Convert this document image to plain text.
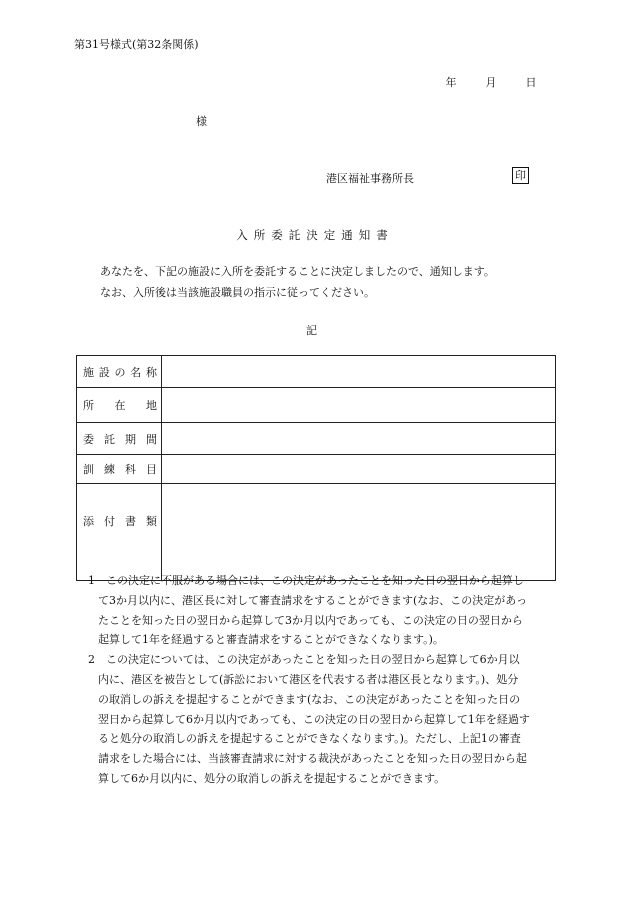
第31号様式(第32条関係)
年	月	日
様
港区福祉事務所長	印
入所委託決定通知書
あなたを、下記の施設に入所を委託することに決定しましたので、通知します。
なお、入所後は当該施設職員の指示に従ってください。
記
施設の名称	
所在地	
委託期間	
訓練科目	
添付書類	
1　 この決定に不服がある場合には、この決定があったことを知った日の翌日から起算し
て3か月以内に、港区長に対して審査請求をすることができます(なお、この決定があっ
たことを知った日の翌日から起算して3か月以内であっても、この決定の日の翌日から
起算して1年を経過すると審査請求をすることができなくなります。)。
2　 この決定については、この決定があったことを知った日の翌日から起算して6か月以
内に、港区を被告として(訴訟において港区を代表する者は港区長となります。)、処分
の取消しの訴えを提起することができます(なお、この決定があったことを知った日の
翌日から起算して6か月以内であっても、この決定の日の翌日から起算して1年を経過す
ると処分の取消しの訴えを提起することができなくなります。)。ただし、上記1の審査
請求をした場合には、当該審査請求に対する裁決があったことを知った日の翌日から起
算して6か月以内に、処分の取消しの訴えを提起することができます。
